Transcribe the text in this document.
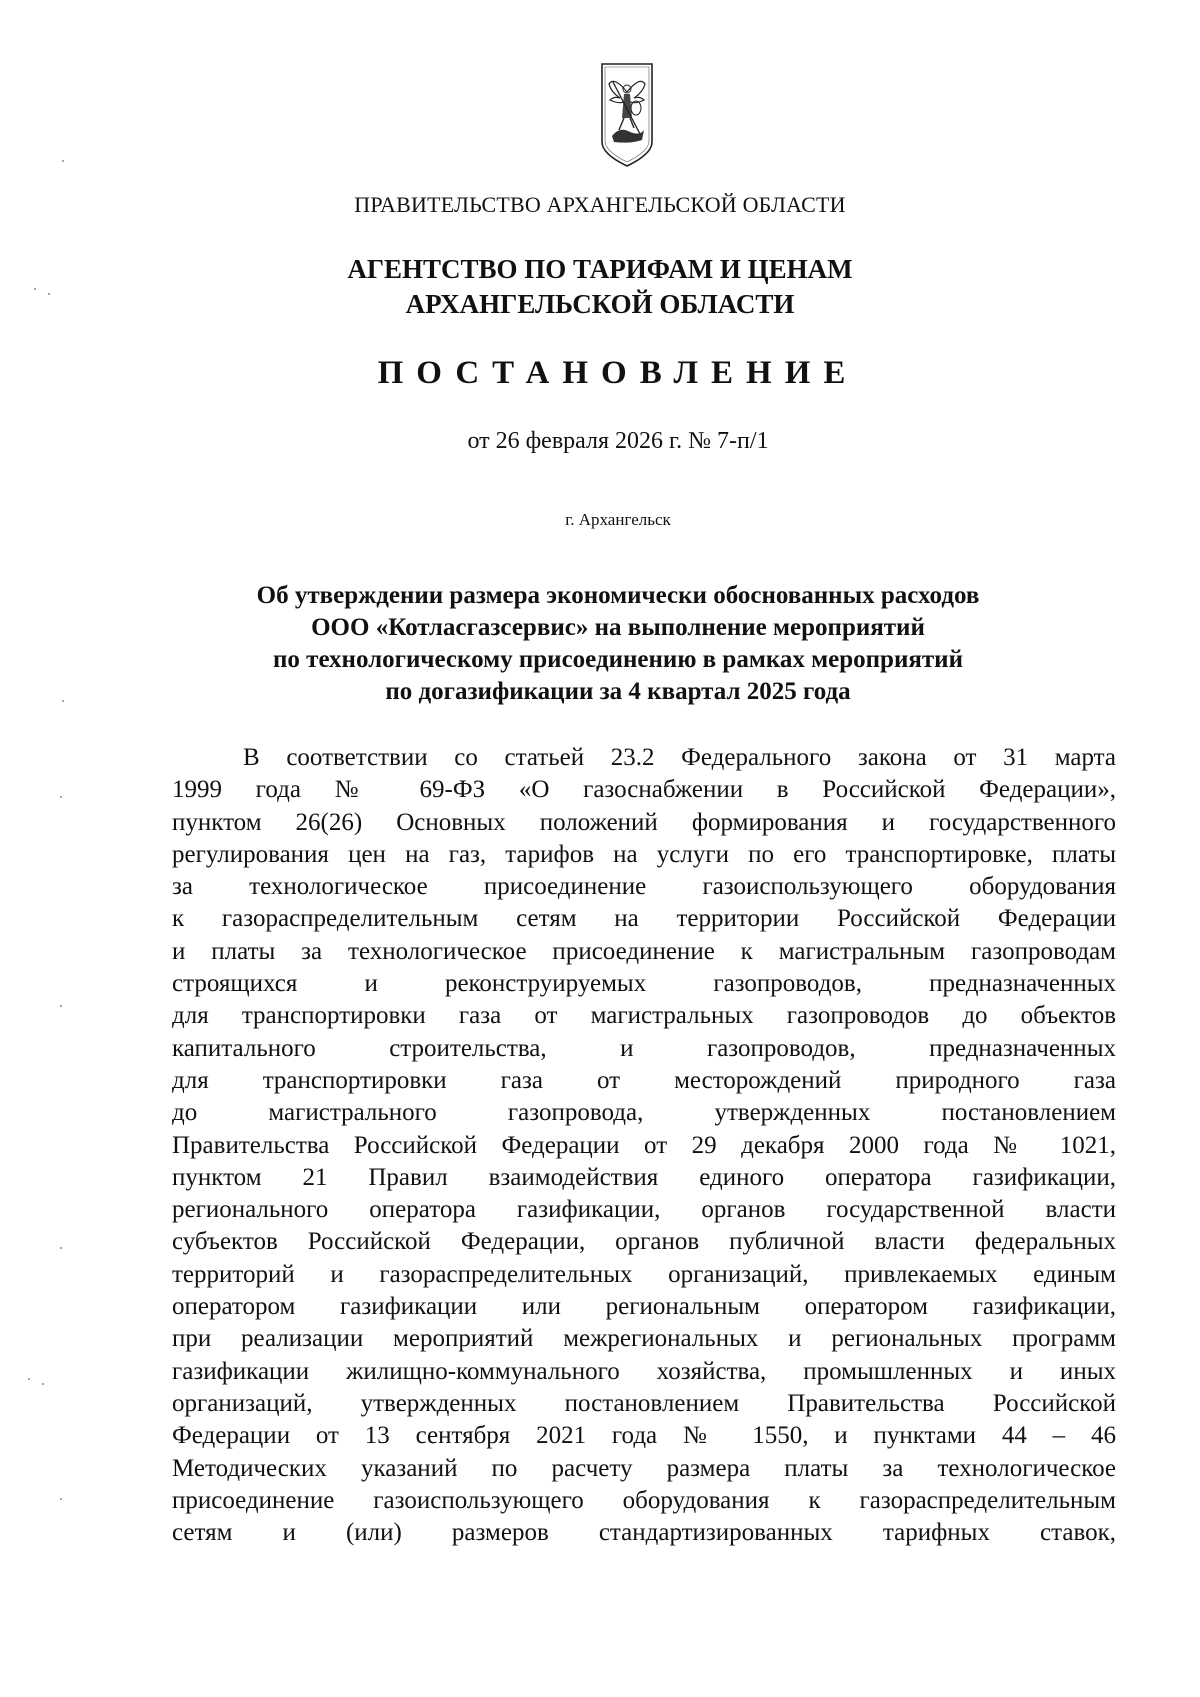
ПРАВИТЕЛЬСТВО АРХАНГЕЛЬСКОЙ ОБЛАСТИ
АГЕНТСТВО ПО ТАРИФАМ И ЦЕНАМ
АРХАНГЕЛЬСКОЙ ОБЛАСТИ
ПОСТАНОВЛЕНИЕ
от 26 февраля 2026 г. № 7-п/1
г. Архангельск
Об утверждении размера экономически обоснованных расходов
ООО «Котласгазсервис» на выполнение мероприятий
по технологическому присоединению в рамках мероприятий
по догазификации за 4 квартал 2025 года
В соответствии со статьей 23.2 Федерального закона от 31 марта
1999 года № 69-ФЗ «О газоснабжении в Российской Федерации»,
пунктом 26(26) Основных положений формирования и государственного
регулирования цен на газ, тарифов на услуги по его транспортировке, платы
за технологическое присоединение газоиспользующего оборудования
к газораспределительным сетям на территории Российской Федерации
и платы за технологическое присоединение к магистральным газопроводам
строящихся и реконструируемых газопроводов, предназначенных
для транспортировки газа от магистральных газопроводов до объектов
капитального строительства, и газопроводов, предназначенных
для транспортировки газа от месторождений природного газа
до магистрального газопровода, утвержденных постановлением
Правительства Российской Федерации от 29 декабря 2000 года № 1021,
пунктом 21 Правил взаимодействия единого оператора газификации,
регионального оператора газификации, органов государственной власти
субъектов Российской Федерации, органов публичной власти федеральных
территорий и газораспределительных организаций, привлекаемых единым
оператором газификации или региональным оператором газификации,
при реализации мероприятий межрегиональных и региональных программ
газификации жилищно-коммунального хозяйства, промышленных и иных
организаций, утвержденных постановлением Правительства Российской
Федерации от 13 сентября 2021 года № 1550, и пунктами 44 – 46
Методических указаний по расчету размера платы за технологическое
присоединение газоиспользующего оборудования к газораспределительным
сетям и (или) размеров стандартизированных тарифных ставок,
